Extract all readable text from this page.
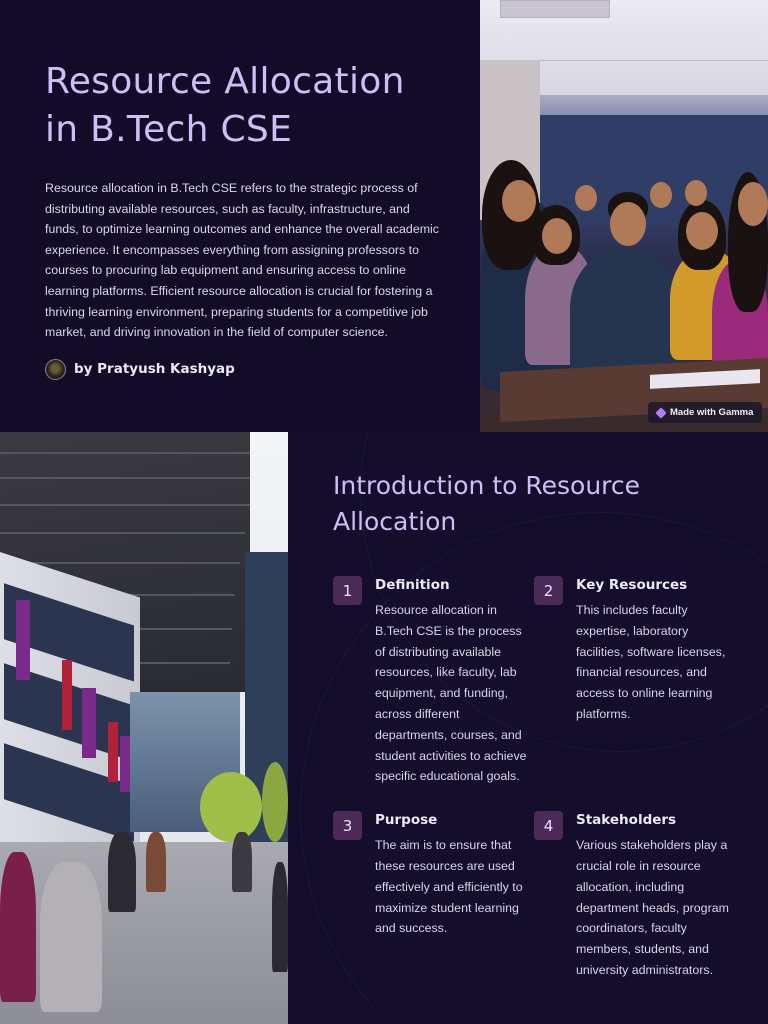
Resource Allocation in B.Tech CSE

Resource allocation in B.Tech CSE refers to the strategic process of distributing available resources, such as faculty, infrastructure, and funds, to optimize learning outcomes and enhance the overall academic experience. It encompasses everything from assigning professors to courses to procuring lab equipment and ensuring access to online learning platforms. Efficient resource allocation is crucial for fostering a thriving learning environment, preparing students for a competitive job market, and driving innovation in the field of computer science.

by Pratyush Kashyap
Made with Gamma
Introduction to Resource Allocation
1	Definition
Resource allocation in B.Tech CSE is the process of distributing available resources, like faculty, lab equipment, and funding, across different departments, courses, and student activities to achieve specific educational goals.
2	Key Resources
This includes faculty expertise, laboratory facilities, software licenses, financial resources, and access to online learning platforms.
3	Purpose
The aim is to ensure that these resources are used effectively and efficiently to maximize student learning and success.
4	Stakeholders
Various stakeholders play a crucial role in resource allocation, including department heads, program coordinators, faculty members, students, and university administrators.
